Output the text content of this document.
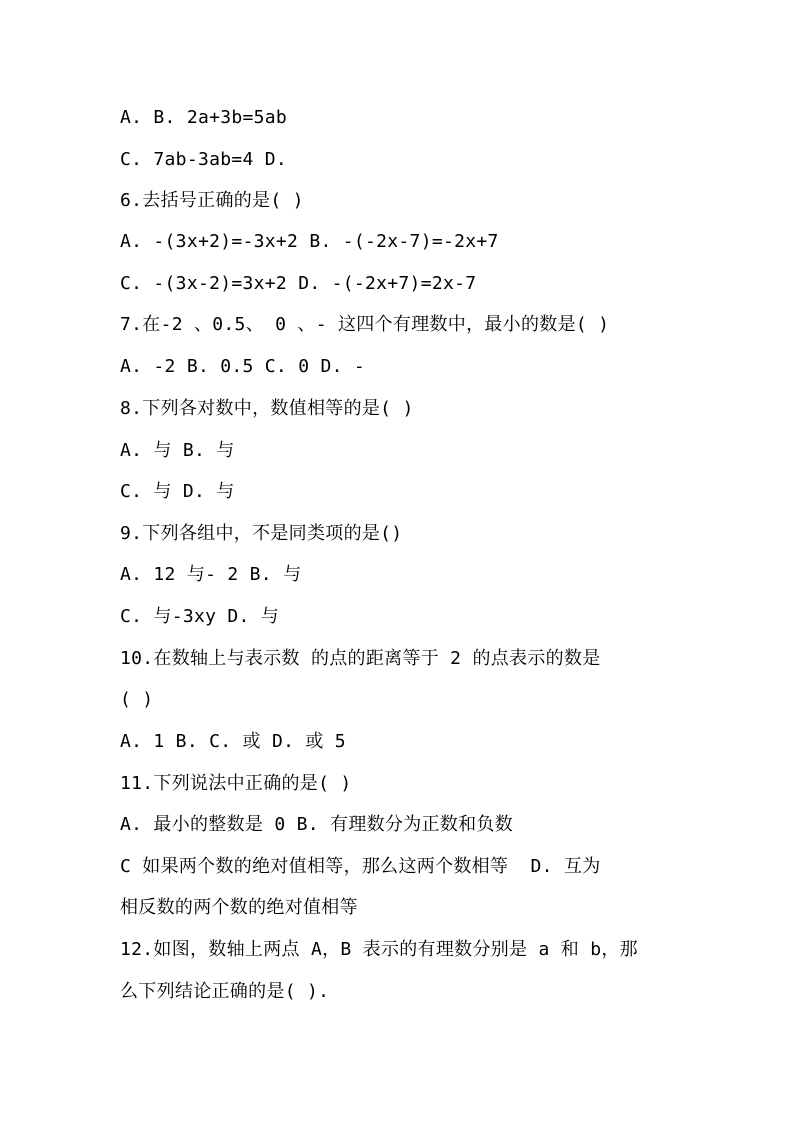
A. B. 2a+3b=5ab
C. 7ab-3ab=4 D.
6.去括号正确的是( )
A. -(3x+2)=-3x+2 B. -(-2x-7)=-2x+7
C. -(3x-2)=3x+2 D. -(-2x+7)=2x-7
7.在-2 、0.5、 0 、- 这四个有理数中，最小的数是( )
A. -2 B. 0.5 C. 0 D. -
8.下列各对数中，数值相等的是( )
A. 与 B. 与
C. 与 D. 与
9.下列各组中，不是同类项的是()
A. 12 与- 2 B. 与
C. 与-3xy D. 与
10.在数轴上与表示数 的点的距离等于 2 的点表示的数是
( )
A. 1 B. C. 或 D. 或 5
11.下列说法中正确的是( )
A. 最小的整数是 0 B. 有理数分为正数和负数
C 如果两个数的绝对值相等，那么这两个数相等  D. 互为
相反数的两个数的绝对值相等
12.如图，数轴上两点 A，B 表示的有理数分别是 a 和 b，那
么下列结论正确的是( ).
